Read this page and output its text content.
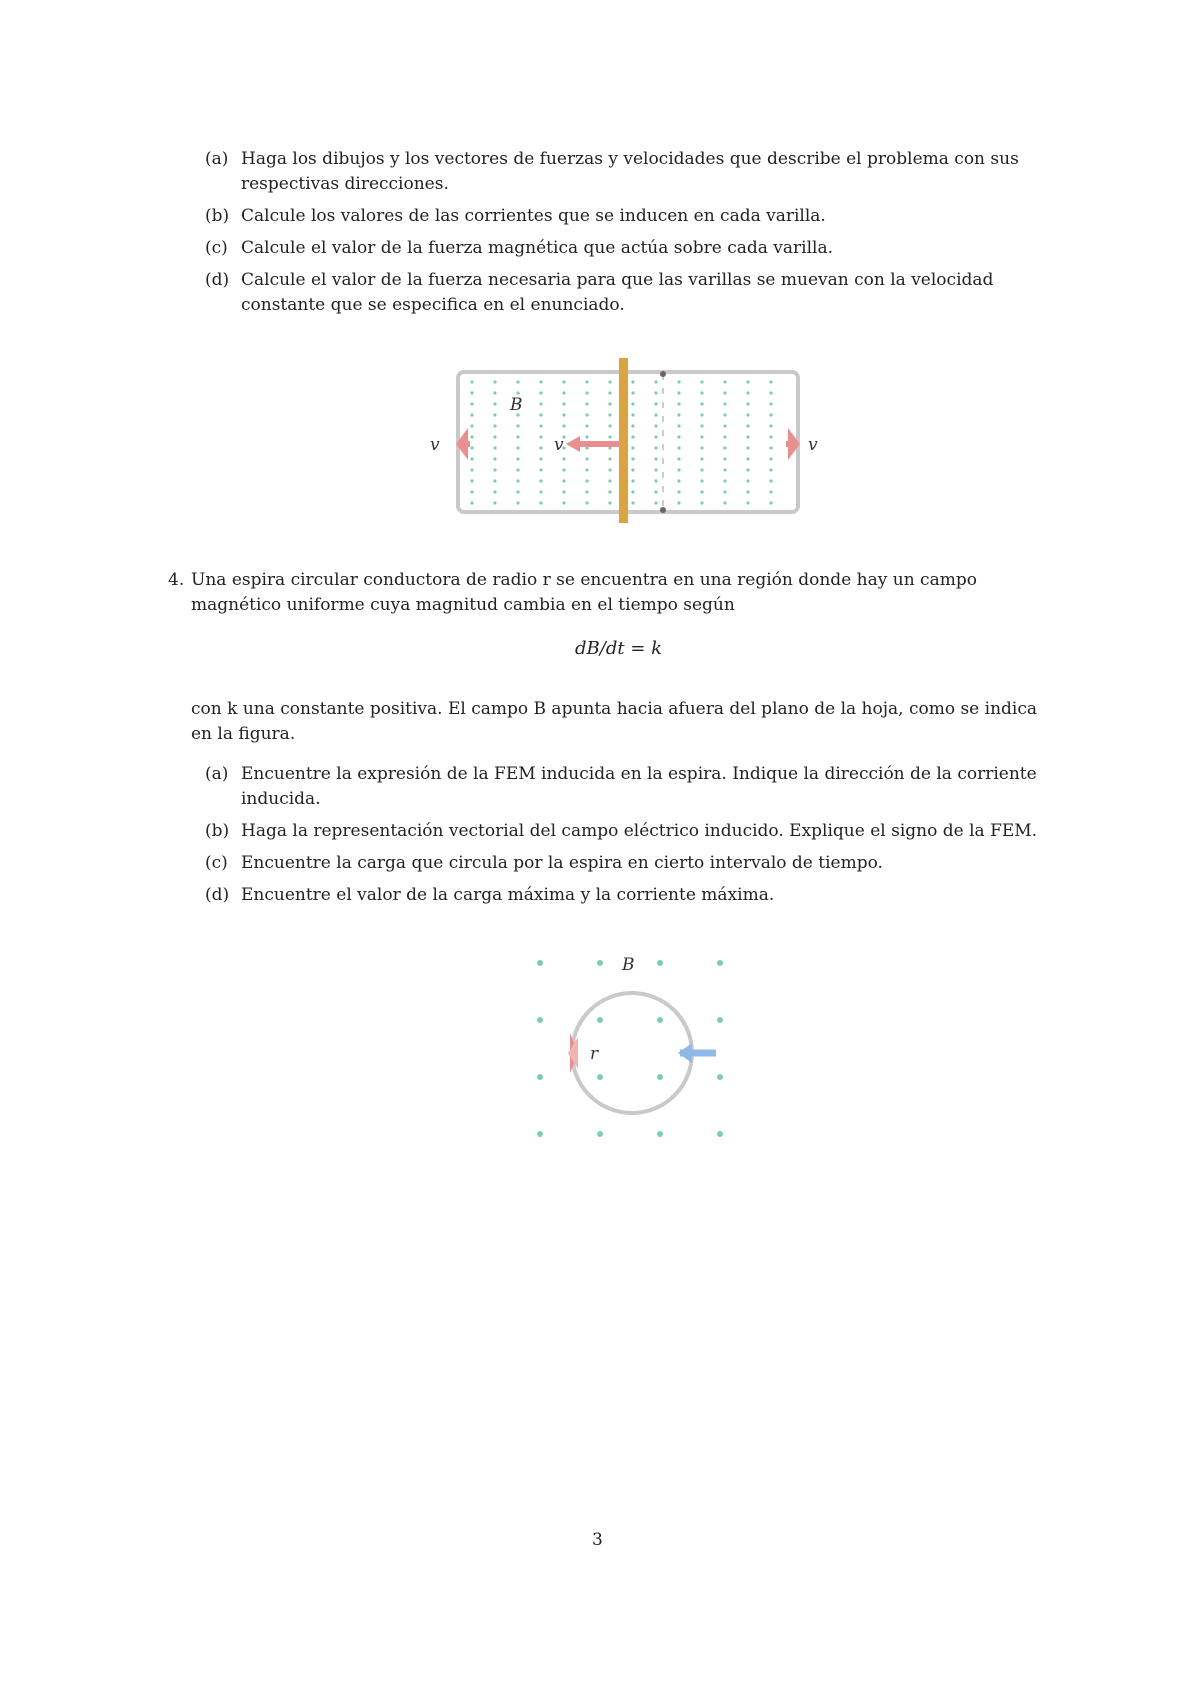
(a) Haga los dibujos y los vectores de fuerzas y velocidades que describe el problema con sus respectivas direcciones.
(b) Calcule los valores de las corrientes que se inducen en cada varilla.
(c) Calcule el valor de la fuerza magnética que actúa sobre cada varilla.
(d) Calcule el valor de la fuerza necesaria para que las varillas se muevan con la velocidad constante que se especifica en el enunciado.
B
v	v
v
4. Una espira circular conductora de radio r se encuentra en una región donde hay un campo magnético uniforme cuya magnitud cambia en el tiempo según
dB/dt = k
con k una constante positiva. El campo B apunta hacia afuera del plano de la hoja, como se indica en la figura.
(a) Encuentre la expresión de la FEM inducida en la espira. Indique la dirección de la corriente inducida.
(b) Haga la representación vectorial del campo eléctrico inducido. Explique el signo de la FEM.
(c) Encuentre la carga que circula por la espira en cierto intervalo de tiempo.
(d) Encuentre el valor de la carga máxima y la corriente máxima.
B
r
3
